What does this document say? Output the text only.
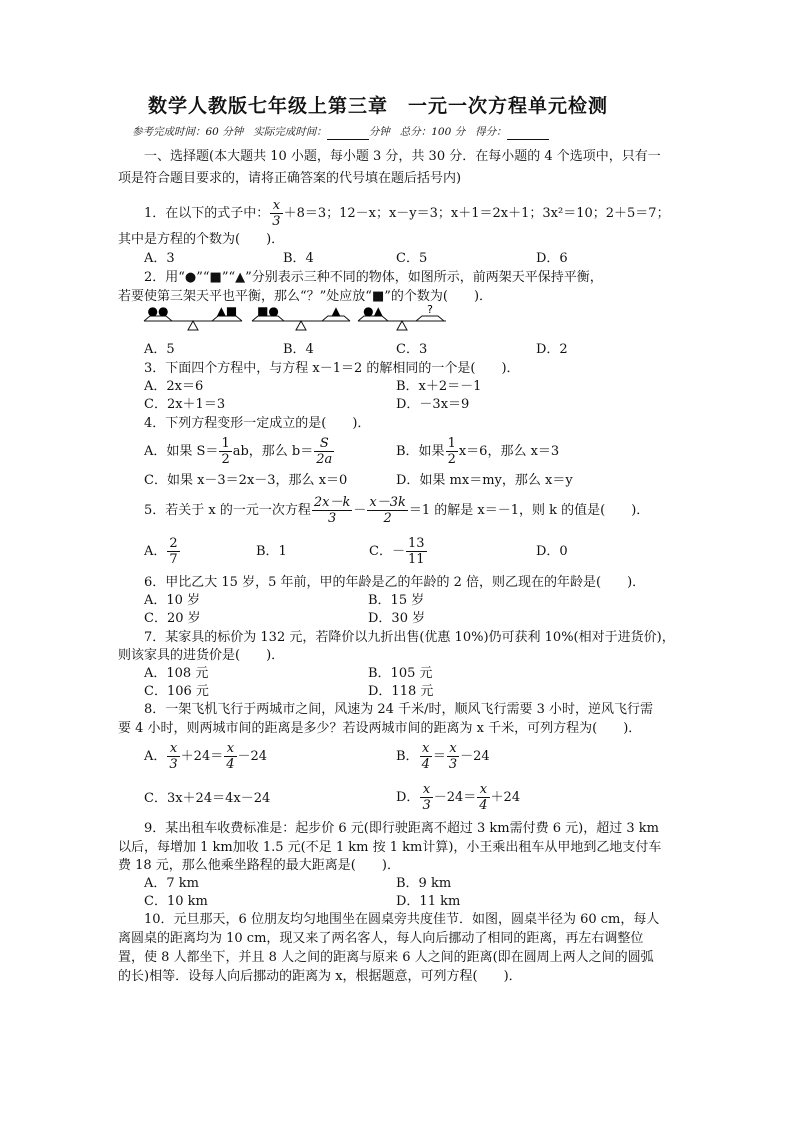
数学人教版七年级上第三章　一元一次方程单元检测
参考完成时间：60 分钟 实际完成时间：	分钟 总分：100 分 得分：
一、选择题(本大题共 10 小题，每小题 3 分，共 30 分．在每小题的 4 个选项中，只有一
项是符合题目要求的，请将正确答案的代号填在题后括号内)
1．在以下的式子中： $\frac{x}{3} +8=3$；12－x；x－y＝3；x＋1＝2x＋1；3x²＝10；2＋5＝7；
其中是方程的个数为(　　)．
A．3	B．4	C．5	D．6
2．用“●”“■”“▲”分别表示三种不同的物体，如图所示，前两架天平保持平衡，
若要使第三架天平也平衡，那么“？”处应放“■”的个数为(　　)．
●●	▲■ ■●	▲ ●▲	?
A．5	B．4	C．3	D．2
3．下面四个方程中，与方程 x－1＝2 的解相同的一个是(　　)．
A．2x＝6	B．x＋2＝－1
C．2x＋1＝3	D．－3x＝9
4．下列方程变形一定成立的是(　　)．
A．如果 $S= \frac{1}{2}$ ab，那么 $b= \frac{S}{2a}$	B．如果 $\frac{1}{2} x=6$，那么 x＝3
C．如果 x－3＝2x－3，那么 x＝0	D．如果 mx＝my，那么 x＝y
5．若关于 x 的一元一次方程 $\frac{2x-k}{3} - \frac{x-3k}{2} =1$ 的解是 x＝－1，则 k 的值是(　　)．
A． $\frac{2}{7}$	B．1	C．－ $\frac{13}{11}$	D．0
6．甲比乙大 15 岁，5 年前，甲的年龄是乙的年龄的 2 倍，则乙现在的年龄是(　　)．
A．10 岁	B．15 岁
C．20 岁	D．30 岁
7．某家具的标价为 132 元，若降价以九折出售(优惠 10%)仍可获利 10%(相对于进货价)，
则该家具的进货价是(　　)．
A．108 元	B．105 元
C．106 元	D．118 元
8．一架飞机飞行于两城市之间，风速为 24 千米/时，顺风飞行需要 3 小时，逆风飞行需
要 4 小时，则两城市间的距离是多少？若设两城市间的距离为 x 千米，可列方程为(　　)．
A． $\frac{x}{3} +24= \frac{x}{4} -24$	B． $\frac{x}{4} = \frac{x}{3} -24$
C．3x＋24＝4x－24	D． $\frac{x}{3} -24= \frac{x}{4} +24$
9．某出租车收费标准是：起步价 6 元(即行驶距离不超过 3 km需付费 6 元)，超过 3 km
以后，每增加 1 km加收 1.5 元(不足 1 km 按 1 km计算)，小王乘出租车从甲地到乙地支付车
费 18 元，那么他乘坐路程的最大距离是(　　)．
A．7 km	B．9 km
C．10 km	D．11 km
10．元旦那天，6 位朋友均匀地围坐在圆桌旁共度佳节．如图，圆桌半径为 60 cm，每人
离圆桌的距离均为 10 cm，现又来了两名客人，每人向后挪动了相同的距离，再左右调整位
置，使 8 人都坐下，并且 8 人之间的距离与原来 6 人之间的距离(即在圆周上两人之间的圆弧
的长)相等．设每人向后挪动的距离为 x，根据题意，可列方程(　　)．
